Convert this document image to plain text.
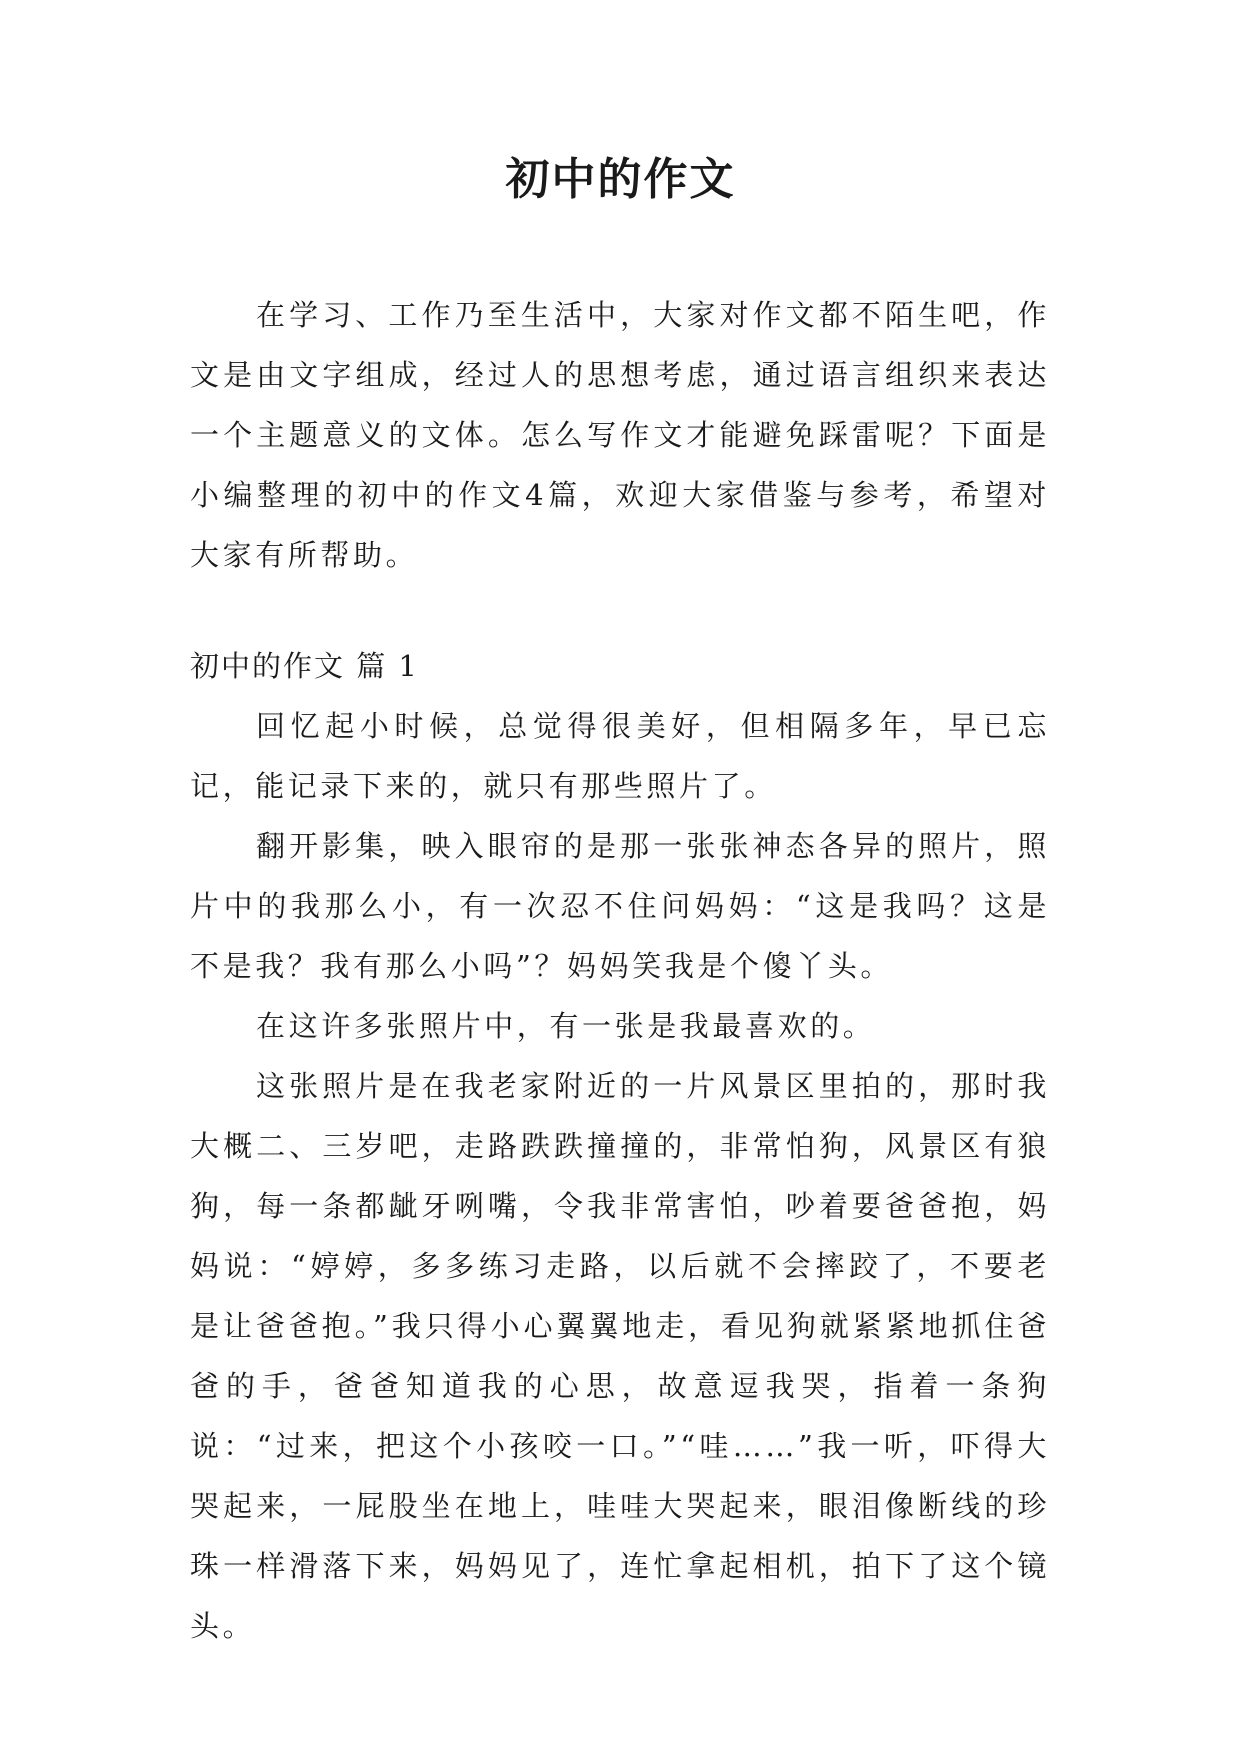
初中的作文
在学习、工作乃至生活中，大家对作文都不陌生吧，作文是由文字组成，经过人的思想考虑，通过语言组织来表达一个主题意义的文体。怎么写作文才能避免踩雷呢？下面是小编整理的初中的作文4篇，欢迎大家借鉴与参考，希望对大家有所帮助。
初中的作文 篇 1

回忆起小时候，总觉得很美好，但相隔多年，早已忘记，能记录下来的，就只有那些照片了。

翻开影集，映入眼帘的是那一张张神态各异的照片，照片中的我那么小，有一次忍不住问妈妈：“这是我吗？这是不是我？我有那么小吗”？妈妈笑我是个傻丫头。

在这许多张照片中，有一张是我最喜欢的。

这张照片是在我老家附近的一片风景区里拍的，那时我大概二、三岁吧，走路跌跌撞撞的，非常怕狗，风景区有狼狗，每一条都龇牙咧嘴，令我非常害怕，吵着要爸爸抱，妈妈说：“婷婷，多多练习走路，以后就不会摔跤了，不要老是让爸爸抱。”我只得小心翼翼地走，看见狗就紧紧地抓住爸爸的手，爸爸知道我的心思，故意逗我哭，指着一条狗说：“过来，把这个小孩咬一口。”“哇……”我一听，吓得大哭起来，一屁股坐在地上，哇哇大哭起来，眼泪像断线的珍珠一样滑落下来，妈妈见了，连忙拿起相机，拍下了这个镜头。
